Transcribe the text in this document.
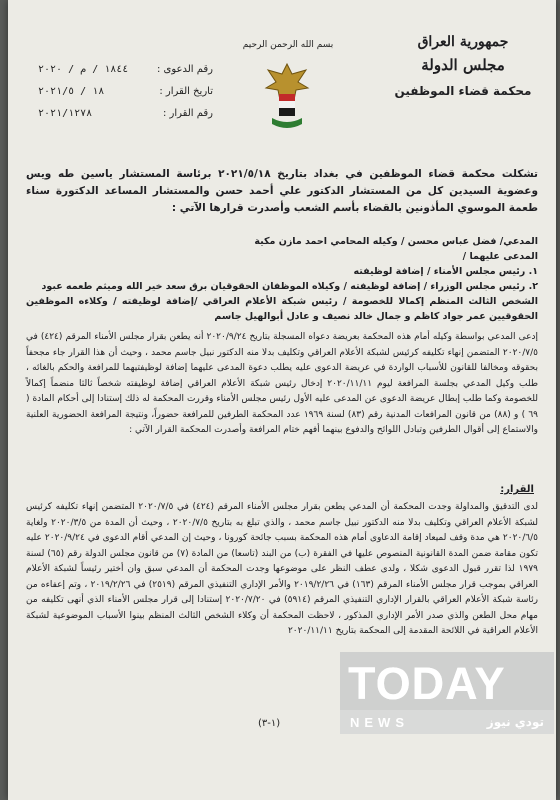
جمهورية العراق
مجلس الدولة
محكمة قضاء الموظفين
بسم الله الرحمن الرحيم
رقم الدعوى :
١٨٤٤ / م / ٢٠٢٠
تاريخ القرار :
١٨ / ٢٠٢١/٥
رقم القرار :
٢٠٢١/١٢٧٨
تشكلت محكمة قضاء الموظفين في بغداد بتاريخ ٢٠٢١/٥/١٨ برئاسة المستشار ياسين طه ويس وعضوية السيدين كل من المستشار الدكتور علي أحمد حسن والمستشار المساعد الدكتورة سناء طعمة الموسوي المأذونين بالقضاء بأسم الشعب وأصدرت قرارها الآتي :
المدعي/ فضل عباس محسن / وكيله المحامي احمد مازن مكية
المدعى عليهما /
١. رئيس مجلس الأمناء / إضافة لوظيفته
٢. رئيس مجلس الوزراء / إضافة لوظيفته / وكيلاه الموظفان الحقوقيان برق سعد خير الله وميثم طعمه عبود
الشخص الثالث المنظم إكمالا للخصومة / رئيس شبكة الأعلام العراقي /إضافة لوظيفته / وكلاءه الموظفين الحقوقيين عمر جواد كاظم و جمال خالد نصيف و عادل أبوالهيل جاسم
إدعى المدعي بواسطة وكيله أمام هذه المحكمة بعريضة دعواه المسجلة بتاريخ ٢٠٢٠/٩/٢٤ أنه يطعن بقرار مجلس الأمناء المرقم (٤٢٤) في ٢٠٢٠/٧/٥ المتضمن إنهاء تكليفه كرئيس لشبكة الأعلام العراقي وتكليف بدلا منه الدكتور نبيل جاسم محمد ، وحيث أن هذا القرار جاء مجحفاً بحقوقه ومخالفا للقانون للأسباب الواردة في عريضة الدعوى عليه يطلب دعوة المدعى عليهما إضافة لوظيفتيهما للمرافعة والحكم بالغائه ، طلب وكيل المدعي بجلسة المرافعة ليوم ٢٠٢٠/١١/١١ إدخال رئيس شبكة الأعلام العراقي إضافة لوظيفته شخصاً ثالثا منضماً إكمالاً للخصومة وكما طلب إبطال عريضة الدعوى عن المدعى عليه الأول رئيس مجلس الأمناء وقررت المحكمة له ذلك إستنادا إلى أحكام المادة ( ٦٩ ) و (٨٨) من قانون المرافعات المدنية رقم (٨٣) لسنة ١٩٦٩ عدد المحكمة الطرفين للمرافعة حضوراً، ونتيجة المرافعة الحضورية العلنية والاستماع إلى أقوال الطرفين وتبادل اللوائح والدفوع بينهما أفهم ختام المرافعة وأصدرت المحكمة القرار الآتي :
القرار:
لدى التدقيق والمداولة وجدت المحكمة أن المدعي يطعن بقرار مجلس الأمناء المرقم (٤٢٤) في ٢٠٢٠/٧/٥ المتضمن إنهاء تكليفه كرئيس لشبكة الأعلام العراقي وتكليف بدلا منه الدكتور نبيل جاسم محمد ، والذي تبلغ به بتاريخ ٢٠٢٠/٧/٥ ، وحيث أن المدة من ٢٠٢٠/٣/٥ ولغاية ٢٠٢٠/٦/٥ هي مدة وقف لميعاد إقامة الدعاوى أمام هذه المحكمة بسبب جائحة كورونا ، وحيث إن المدعي أقام الدعوى في ٢٠٢٠/٩/٢٤ عليه تكون مقامة ضمن المدة القانونية المنصوص عليها في الفقرة (ب) من البند (تاسعا) من المادة (٧) من قانون مجلس الدولة رقم (٦٥) لسنة ١٩٧٩ لذا تقرر قبول الدعوى شكلا ، ولدى عطف النظر على موضوعها وجدت المحكمة أن المدعي سبق وان أختير رئيساً لشبكة الأعلام العراقي بموجب قرار مجلس الأمناء المرقم (١٦٣) في ٢٠١٩/٢/٢٦ والأمر الإداري التنفيذي المرقم (٢٥١٩) في ٢٠١٩/٢/٢٦ ، وتم إعفاءه من رئاسة شبكة الأعلام العراقي بالقرار الإداري التنفيذي المرقم (٥٩١٤) في ٢٠٢٠/٧/٢٠ إستنادا إلى قرار مجلس الأمناء الذي أنهى تكليفه من مهام محل الطعن والذي صدر الأمر الإداري المذكور ، لاحظت المحكمة أن وكلاء الشخص الثالث المنظم بينوا الأسباب الموضوعية لشبكة الأعلام العراقية في اللائحة المقدمة إلى المحكمة بتاريخ ٢٠٢٠/١١/١١
(١-٣)
TODAY
NEWS	تودي نيوز
